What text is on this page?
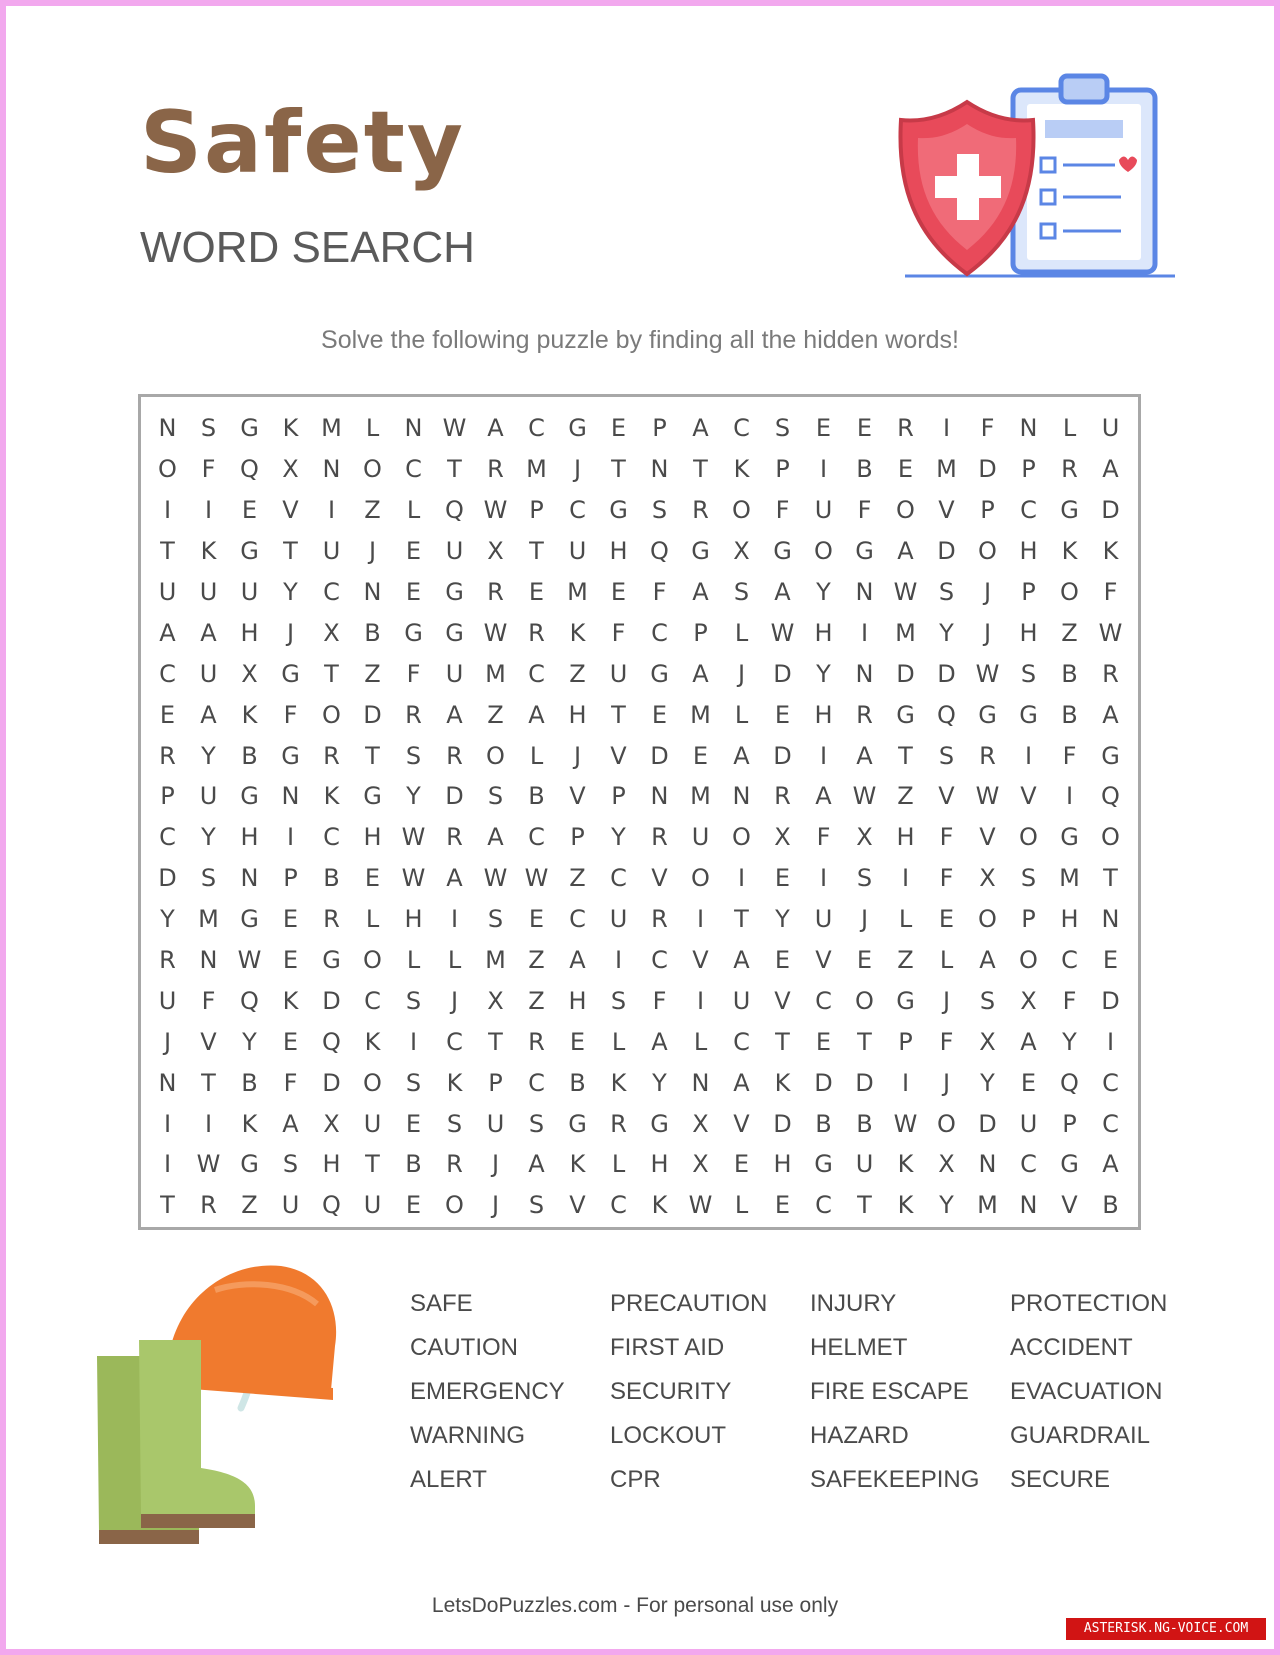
Safety
WORD SEARCH
Solve the following puzzle by finding all the hidden words!
N	S	G K M L	N W A	C G	E	P	A	C	S	E	E	R	I	F	N	L	U
O	F	Q X N O C	T	R M	J	T	N	T	K	P	I	B	E M D	P	R	A
I	I	E	V	I	Z	L	Q W P	C G	S	R O	F	U	F	O V	P	C G D
T	K G	T	U	J	E	U X	T	U H Q G X G O G A D O H	K	K
U U U	Y	C N	E	G R	E M E	F	A	S	A	Y	N W S	J	P	O	F
A	A H	J	X	B G G W R	K	F	C	P	L W H	I	M Y	J	H Z W
C U X G	T	Z	F	U M C	Z U G A	J	D	Y	N D D W S	B	R
E	A	K	F	O D R	A	Z	A H	T	E M L	E	H R G Q G G B	A
R	Y	B G R	T	S	R O	L	J	V D	E	A D	I	A	T	S	R	I	F	G
P	U G N	K G	Y	D	S	B	V	P	N M N R	A W Z	V W V	I	Q
C	Y	H	I	C H W R	A	C	P	Y	R U O X	F	X H	F	V O G O
D	S	N	P	B	E W A W W Z	C	V O	I	E	I	S	I	F	X	S M T
Y M G	E	R	L	H	I	S	E	C U R	I	T	Y	U	J	L	E O	P	H N
R N W E	G O	L	L M Z	A	I	C	V	A	E	V	E	Z	L	A O C	E
U	F	Q K D C	S	J	X	Z H	S	F	I	U	V	C O G	J	S	X	F	D
J	V	Y	E Q K	I	C	T	R	E	L	A	L	C	T	E	T	P	F	X	A	Y	I
N	T	B	F	D O S	K	P	C	B	K	Y	N A	K D D	I	J	Y	E Q C
I	I	K	A	X U	E	S	U	S	G R G X	V D B	B W O D U	P	C
I	W G	S	H	T	B	R	J	A	K	L	H X	E	H G U	K	X N C G A
T	R	Z U Q U	E O	J	S	V	C	K W L	E	C	T	K	Y M N V	B
SAFE	PRECAUTION	INJURY	PROTECTION
CAUTION	FIRST AID	HELMET	ACCIDENT
EMERGENCY	SECURITY	FIRE ESCAPE	EVACUATION
WARNING	LOCKOUT	HAZARD	GUARDRAIL
ALERT	CPR	SAFEKEEPING	SECURE
LetsDoPuzzles.com - For personal use only
ASTERISK.NG-VOICE.COM
